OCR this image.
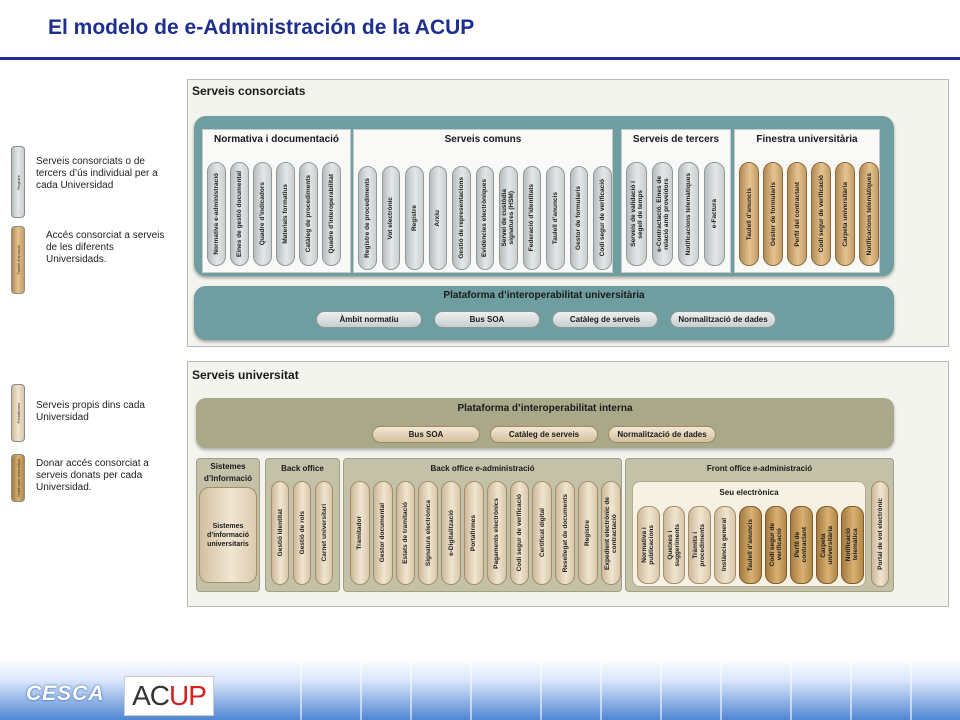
El modelo de e-Administración de la ACUP
Registre
Serveis consorciats o de tercers d’ús individual per a cada Universidad
Taulell d’anuncis
Accés consorciat a serveis de les diferents Universidads.
Portafirmes Serveis propis dins cada Universidad
Notificació telemàtica Donar accés consorciat a serveis donats per cada Universidad.
Serveis consorciats
Normativa i documentació
Normativa e-administració Eines de gestió documental Quadre d’indicadors Materials formatius Catàleg de procediments Quadre d’interoperabilitat
Serveis comuns
Registre de procediments	Vot electrònic	Registre	Arxiu	Gestió de representacions	Evidències electròniques Servei de custòdia
signatures (HSM) Federació d’identitats	Taulell d’anuncis	Gestor de formularis	Codi segur de verificació
Serveis de tercers
Serveis de validació i
segell de temps
e-Contractació. Eines de
relació amb proveïdors Notificacions telemàtiques	e-Factura
Finestra universitària
Taulell d’anuncis	Gestor de formularis	Perfil del contractant	Codi segur de verificació	Carpeta universitària	Notificacions telemàtiques
Plataforma d’interoperabilitat universitària
Àmbit normatiu	Bus SOA	Catàleg de serveis	Normalització de dades
Serveis universitat
Plataforma d’interoperabilitat interna
Bus SOA	Catàleg de serveis	Normalització de dades
Sistemes d’Informació
Sistemes
d’informació
universitaris
Back office
Gestió Identitat Gestió de rols Carnet universitari
Back office e-administració
Tramitador Gestor documental Estats de tramitació Signatura electrònica e-Digitalització Portafirmes Pagaments electrònics Codi segur de verificació Certificat digital Resellegat de documents Registre
Expedient electrònic de
contractació
Front office e-administració
Seu electrònica
Normativa i
publicacions Queixes i
suggeriments Tràmits i
procediments Instància general	Taulell d’anuncis Codi segur de
verificació Perfil de
contractant Carpeta
universitària Notificació
telemàtica	Portal de vot electrònic
CESCA ACUP
